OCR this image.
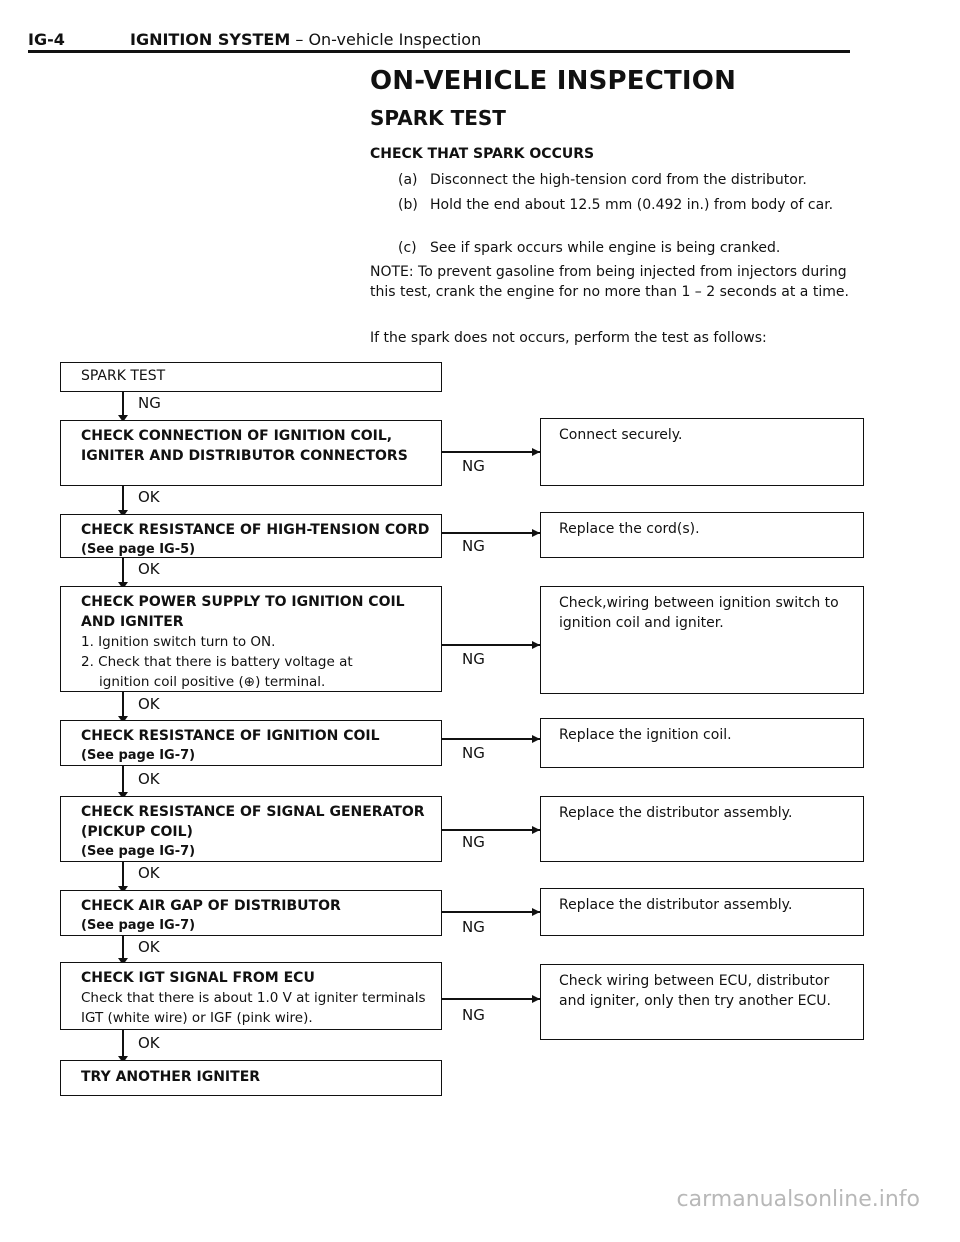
IG-4	IGNITION SYSTEM – On-vehicle Inspection
ON-VEHICLE INSPECTION
SPARK TEST
CHECK THAT SPARK OCCURS
(a) Disconnect the high-tension cord from the distributor.
(b) Hold the end about 12.5 mm (0.492 in.) from body of car.
(c) See if spark occurs while engine is being cranked.
NOTE: To prevent gasoline from being injected from injectors during this test, crank the engine for no more than 1 – 2 seconds at a time.
If the spark does not occurs, perform the test as follows:
SPARK TEST
NG
CHECK CONNECTION OF IGNITION COIL, IGNITER AND DISTRIBUTOR CONNECTORS
NG
Connect securely.
OK
CHECK RESISTANCE OF HIGH-TENSION CORD
(See page IG-5)	NG
Replace the cord(s).
OK
CHECK POWER SUPPLY TO IGNITION COIL AND IGNITER
1. Ignition switch turn to ON.
2. Check that there is battery voltage at
ignition coil positive (⊕) terminal.
NG
Check,wiring between ignition switch to ignition coil and igniter.
OK
CHECK RESISTANCE OF IGNITION COIL
(See page IG-7)	NG
Replace the ignition coil.
OK
CHECK RESISTANCE OF SIGNAL GENERATOR (PICKUP COIL)
(See page IG-7)
NG
Replace the distributor assembly.
OK
CHECK AIR GAP OF DISTRIBUTOR
(See page IG-7)	NG
Replace the distributor assembly.
OK
CHECK IGT SIGNAL FROM ECU
Check that there is about 1.0 V at igniter terminals IGT (white wire) or IGF (pink wire).	NG
Check wiring between ECU, distributor and igniter, only then try another ECU.
OK
TRY ANOTHER IGNITER
carmanualsonline.info
